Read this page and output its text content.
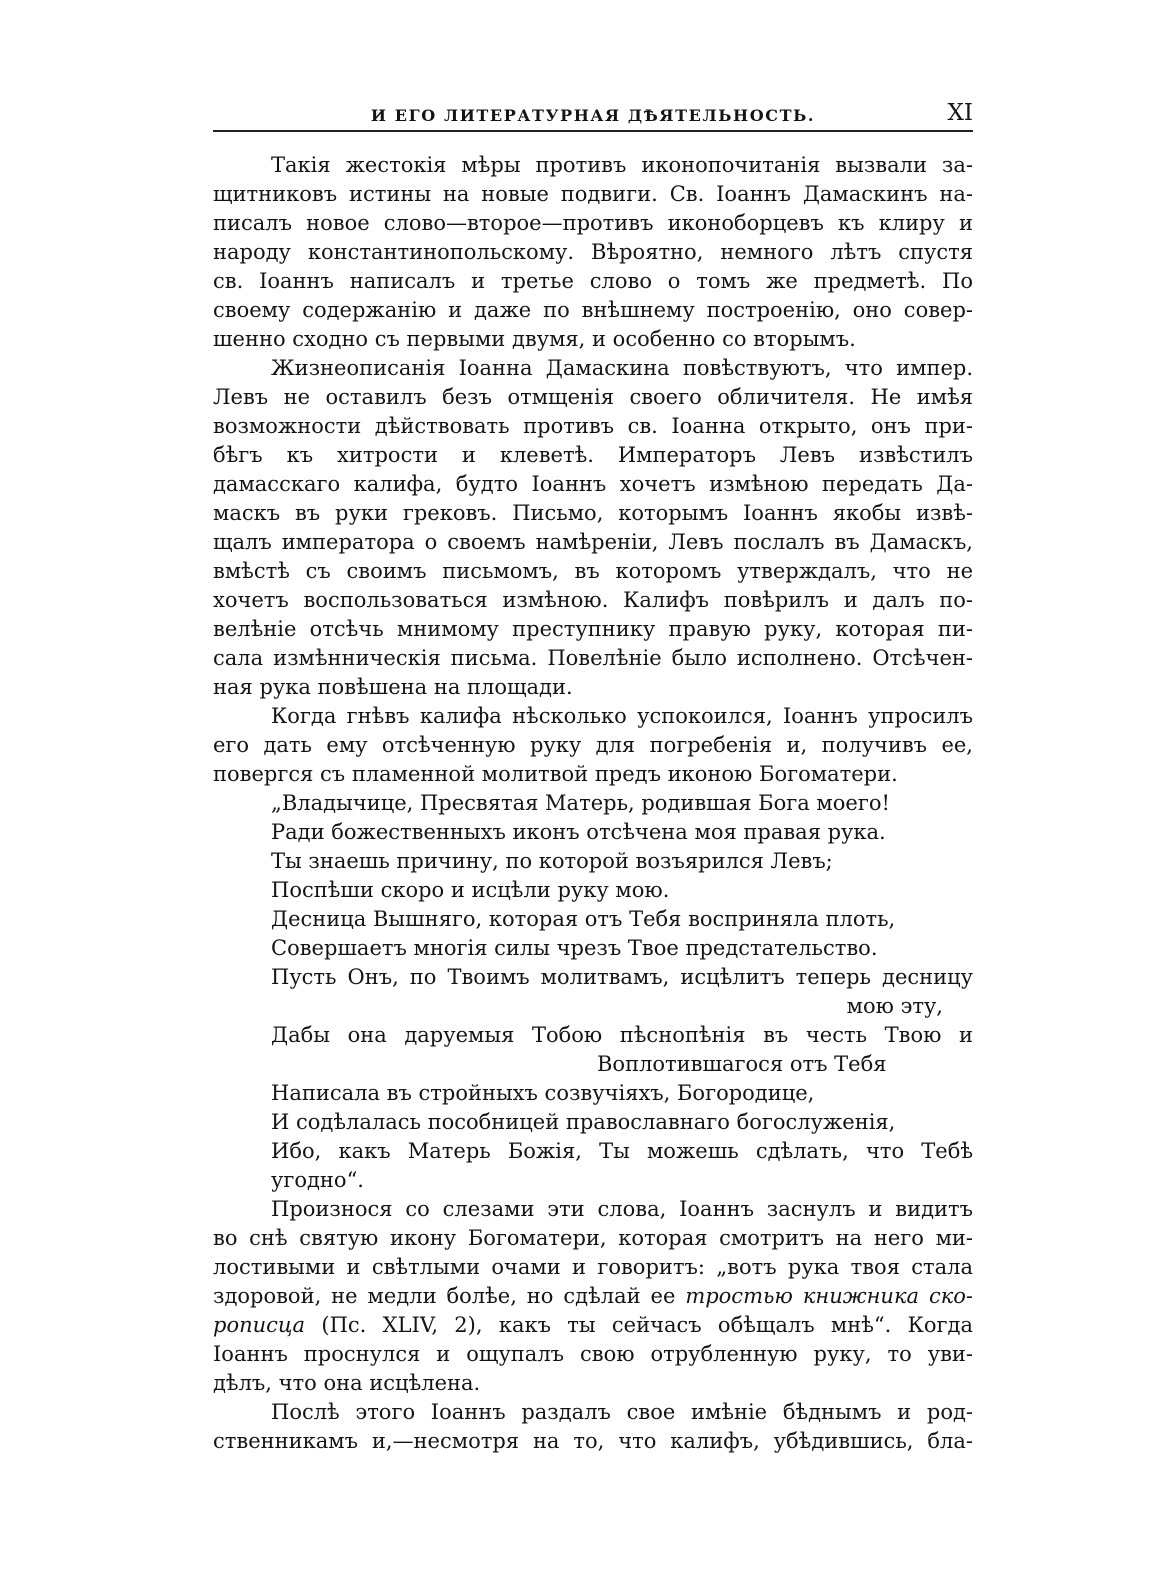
И ЕГО ЛИТЕРАТУРНАЯ ДѢЯТЕЛЬНОСТЬ.	XI

Такія жестокія мѣры противъ иконопочитанія вызвали за-

щитниковъ истины на новые подвиги. Св. Іоаннъ Дамаскинъ на-

писалъ новое слово—второе—противъ иконоборцевъ къ клиру и

народу константинопольскому. Вѣроятно, немного лѣтъ спустя

св. Іоаннъ написалъ и третье слово о томъ же предметѣ. По

своему содержанію и даже по внѣшнему построенію, оно совер-

шенно сходно съ первыми двумя, и особенно со вторымъ.

Жизнеописанія Іоанна Дамаскина повѣствуютъ, что импер.

Левъ не оставилъ безъ отмщенія своего обличителя. Не имѣя

возможности дѣйствовать противъ св. Іоанна открыто, онъ при-

бѣгъ къ хитрости и клеветѣ. Императоръ Левъ извѣстилъ

дамасскаго калифа, будто Іоаннъ хочетъ измѣною передать Да-

маскъ въ руки грековъ. Письмо, которымъ Іоаннъ якобы извѣ-

щалъ императора о своемъ намѣреніи, Левъ послалъ въ Дамаскъ,

вмѣстѣ съ своимъ письмомъ, въ которомъ утверждалъ, что не

хочетъ воспользоваться измѣною. Калифъ повѣрилъ и далъ по-

велѣніе отсѣчь мнимому преступнику правую руку, которая пи-

сала измѣнническія письма. Повелѣніе было исполнено. Отсѣчен-

ная рука повѣшена на площади.

Когда гнѣвъ калифа нѣсколько успокоился, Іоаннъ упросилъ

его дать ему отсѣченную руку для погребенія и, получивъ ее,

повергся съ пламенной молитвой предъ иконою Богоматери.

„Владычице, Пресвятая Матерь, родившая Бога моего!

Ради божественныхъ иконъ отсѣчена моя правая рука.

Ты знаешь причину, по которой возъярился Левъ;

Поспѣши скоро и исцѣли руку мою.

Десница Вышняго, которая отъ Тебя восприняла плоть,

Совершаетъ многія силы чрезъ Твое предстательство.

Пусть Онъ, по Твоимъ молитвамъ, исцѣлитъ теперь десницу

мою эту,

Дабы она даруемыя Тобою пѣснопѣнія въ честь Твою и

Воплотившагося отъ Тебя

Написала въ стройныхъ созвучіяхъ, Богородице,

И содѣлалась пособницей православнаго богослуженія,

Ибо, какъ Матерь Божія, Ты можешь сдѣлать, что Тебѣ угодно“.

Произнося со слезами эти слова, Іоаннъ заснулъ и видитъ

во снѣ святую икону Богоматери, которая смотритъ на него ми-

лостивыми и свѣтлыми очами и говоритъ: „вотъ рука твоя стала

здоровой, не медли болѣе, но сдѣлай ее тростью книжника ско-

рописца (Пс. XLIV, 2), какъ ты сейчасъ обѣщалъ мнѣ“. Когда

Іоаннъ проснулся и ощупалъ свою отрубленную руку, то уви-

дѣлъ, что она исцѣлена.

Послѣ этого Іоаннъ раздалъ свое имѣніе бѣднымъ и род-

ственникамъ и,—несмотря на то, что калифъ, убѣдившись, бла-
